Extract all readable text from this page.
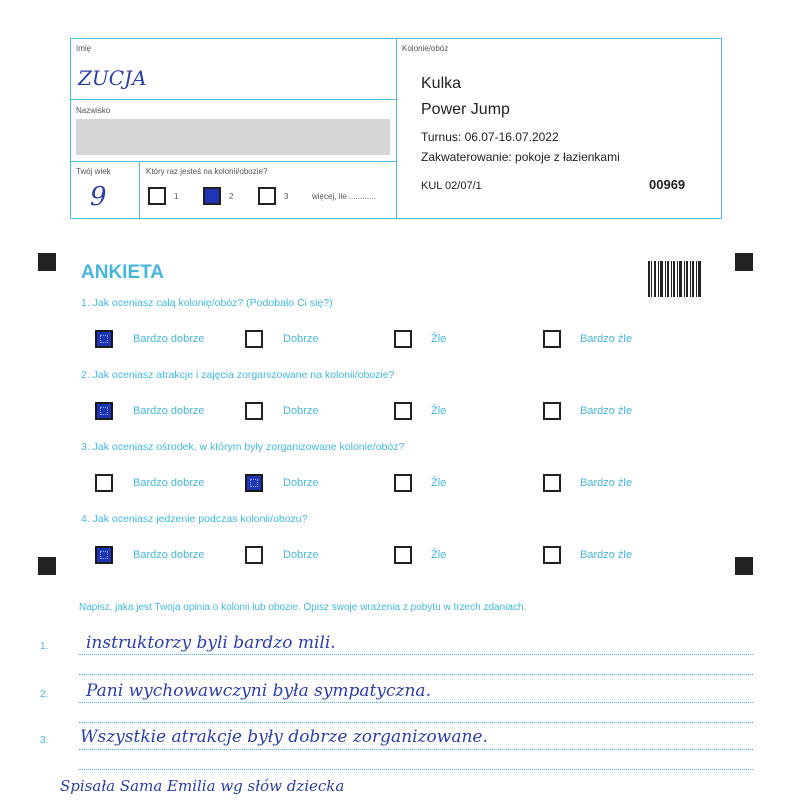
Imię
ZUCJA
Nazwisko
Twój wiek
9
Który raz jesteś na kolonii/obozie?
1	2	3	więcej, ile ............
Kolonie/obóz
Kulka
Power Jump
Turnus: 06.07-16.07.2022
Zakwaterowanie: pokoje z łazienkami
KUL 02/07/1	00969
ANKIETA
1. Jak oceniasz całą kolonię/obóz? (Podobało Ci się?)
Bardzo dobrze	Dobrze	Źle	Bardzo źle
2. Jak oceniasz atrakcje i zajęcia zorganizowane na kolonii/obozie?
Bardzo dobrze	Dobrze	Źle	Bardzo źle
3. Jak oceniasz ośrodek, w którym były zorganizowane kolonie/obóz?
Bardzo dobrze	Dobrze	Źle	Bardzo źle
4. Jak oceniasz jedzenie podczas kolonii/obozu?
Bardzo dobrze	Dobrze	Źle	Bardzo źle
Napisz, jaka jest Twoja opinia o kolonii lub obozie. Opisz swoje wrażenia z pobytu w trzech zdaniach.
1. instruktorzy byli bardzo mili.
2. Pani wychowawczyni była sympatyczna.
3. Wszystkie atrakcje były dobrze zorganizowane.
Spisała Sama Emilia wg słów dziecka
